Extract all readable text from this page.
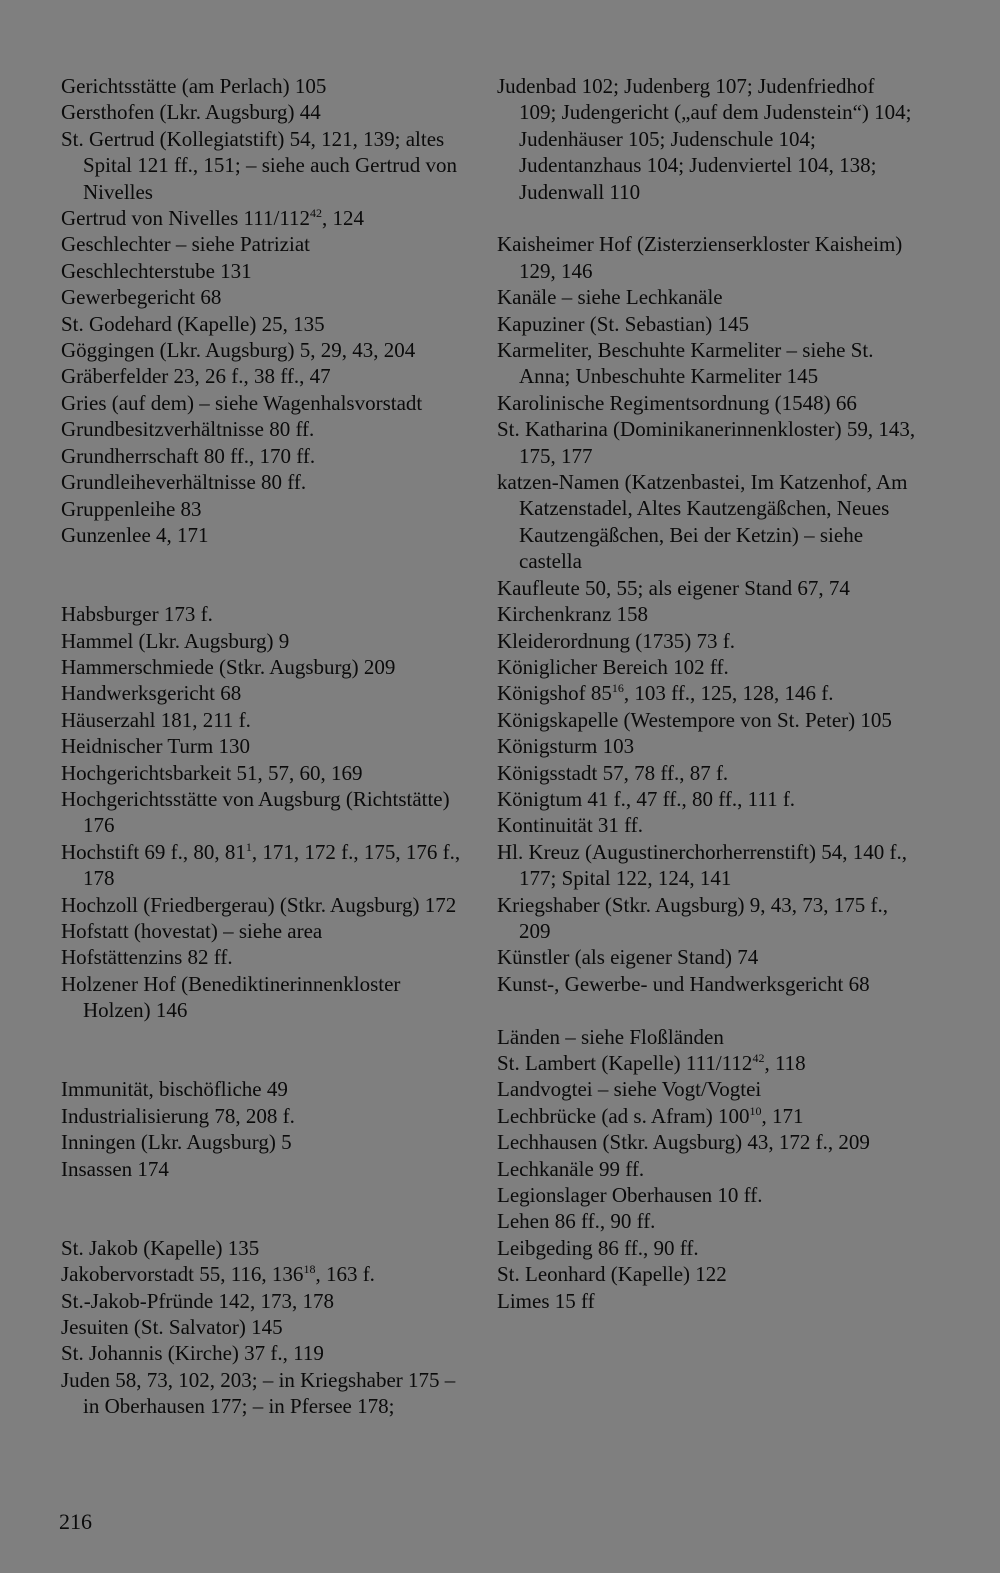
Gerichtsstätte (am Perlach) 105
Gersthofen (Lkr. Augsburg) 44
St. Gertrud (Kollegiatstift) 54, 121, 139; altes Spital 121 ff., 151; – siehe auch Gertrud von Nivelles
Gertrud von Nivelles $111/112^{42}$, 124
Geschlechter – siehe Patriziat
Geschlechterstube 131
Gewerbegericht 68
St. Godehard (Kapelle) 25, 135
Göggingen (Lkr. Augsburg) 5, 29, 43, 204
Gräberfelder 23, 26 f., 38 ff., 47
Gries (auf dem) – siehe Wagenhalsvorstadt
Grundbesitzverhältnisse 80 ff.
Grundherrschaft 80 ff., 170 ff.
Grundleiheverhältnisse 80 ff.
Gruppenleihe 83
Gunzenlee 4, 171
Habsburger 173 f.
Hammel (Lkr. Augsburg) 9
Hammerschmiede (Stkr. Augsburg) 209
Handwerksgericht 68
Häuserzahl 181, 211 f.
Heidnischer Turm 130
Hochgerichtsbarkeit 51, 57, 60, 169
Hochgerichtsstätte von Augsburg (Richtstätte) 176
Hochstift 69 f., 80, $81^1$, 171, 172 f., 175, 176 f., 178
Hochzoll (Friedbergerau) (Stkr. Augsburg) 172
Hofstatt (hovestat) – siehe area
Hofstättenzins 82 ff.
Holzener Hof (Benediktinerinnenkloster Holzen) 146
Immunität, bischöfliche 49
Industrialisierung 78, 208 f.
Inningen (Lkr. Augsburg) 5
Insassen 174
St. Jakob (Kapelle) 135
Jakobervorstadt 55, 116, $136^{18}$, 163 f.
St.-Jakob-Pfründe 142, 173, 178
Jesuiten (St. Salvator) 145
St. Johannis (Kirche) 37 f., 119
Juden 58, 73, 102, 203; – in Kriegshaber 175 – in Oberhausen 177; – in Pfersee 178;
Judenbad 102; Judenberg 107; Judenfriedhof 109; Judengericht („auf dem Judenstein“) 104; Judenhäuser 105; Judenschule 104; Judentanzhaus 104; Judenviertel 104, 138; Judenwall 110
Kaisheimer Hof (Zisterzienserkloster Kaisheim) 129, 146
Kanäle – siehe Lechkanäle
Kapuziner (St. Sebastian) 145
Karmeliter, Beschuhte Karmeliter – siehe St. Anna; Unbeschuhte Karmeliter 145
Karolinische Regimentsordnung (1548) 66
St. Katharina (Dominikanerinnenkloster) 59, 143, 175, 177
katzen-Namen (Katzenbastei, Im Katzenhof, Am Katzenstadel, Altes Kautzengäßchen, Neues Kautzengäßchen, Bei der Ketzin) – siehe castella
Kaufleute 50, 55; als eigener Stand 67, 74
Kirchenkranz 158
Kleiderordnung (1735) 73 f.
Königlicher Bereich 102 ff.
Königshof $85^{16}$, 103 ff., 125, 128, 146 f.
Königskapelle (Westempore von St. Peter) 105
Königsturm 103
Königsstadt 57, 78 ff., 87 f.
Königtum 41 f., 47 ff., 80 ff., 111 f.
Kontinuität 31 ff.
Hl. Kreuz (Augustinerchorherrenstift) 54, 140 f., 177; Spital 122, 124, 141
Kriegshaber (Stkr. Augsburg) 9, 43, 73, 175 f., 209
Künstler (als eigener Stand) 74
Kunst-, Gewerbe- und Handwerksgericht 68
Länden – siehe Floßländen
St. Lambert (Kapelle) $111/112^{42}$, 118
Landvogtei – siehe Vogt/Vogtei
Lechbrücke (ad s. Afram) $100^{10}$, 171
Lechhausen (Stkr. Augsburg) 43, 172 f., 209
Lechkanäle 99 ff.
Legionslager Oberhausen 10 ff.
Lehen 86 ff., 90 ff.
Leibgeding 86 ff., 90 ff.
St. Leonhard (Kapelle) 122
Limes 15 ff
216
